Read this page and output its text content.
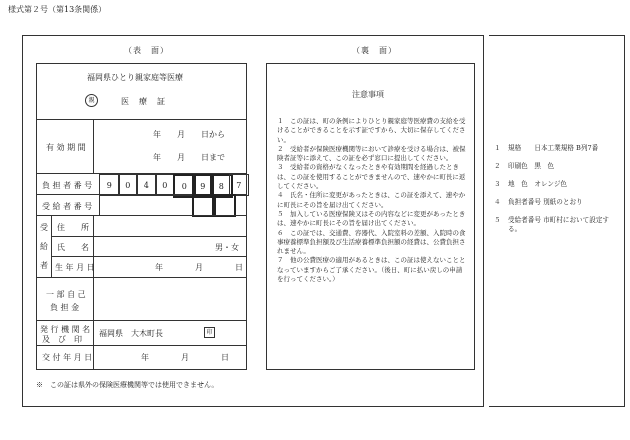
様式第２号（第13条関係）
（表　面）	（裏　面）
福岡県ひとり親家庭等医療
親	医　療　証
有 効 期 間
年　　月　　日から
年　　月　　日まで
負 担 者 番 号	9	0	4	0	0	9	8	7
受 給 者 番 号
受
給
者
住　　所
氏　　名	男・女
生 年 月 日	年　　　　月　　　　日
一 部 自 己
負 担 金
発 行 機 関 名
及　び　印
福岡県　大木町長	印
交 付 年 月 日	年　　　　月　　　　日
注意事項

１　この証は、町の条例によりひとり親家庭等医療費の支給を受けることができることを示す証ですから、大切に保存してください。

２　受給者が保険医療機関等において診療を受ける場合は、被保険者証等に添えて、この証を必ず窓口に提出してください。

３　受給者の資格がなくなったときや有効期間を経過したときは、この証を使用することができませんので、速やかに町長に返してください。

４　氏名・住所に変更があったときは、この証を添えて、速やかに町長にその旨を届け出てください。

５　加入している医療保険又はその内容などに変更があったときは、速やかに町長にその旨を届け出てください。

６　この証では、交通費、容器代、入院室料の差額、入院時の食事療養標準負担額及び生活療養標準負担額の経費は、公費負担されません。

７　他の公費医療の適用があるときは、この証は使えないこととなっていますからご了承ください。（後日、町に払い戻しの申請を行ってください。）

１ 規格　　日本工業規格 B列7番
２ 印刷色　黒　色
３ 地　色　オレンジ色
４ 負担者番号 別紙のとおり
５ 受給者番号 市町村において設定する。
※　この証は県外の保険医療機関等では使用できません。
